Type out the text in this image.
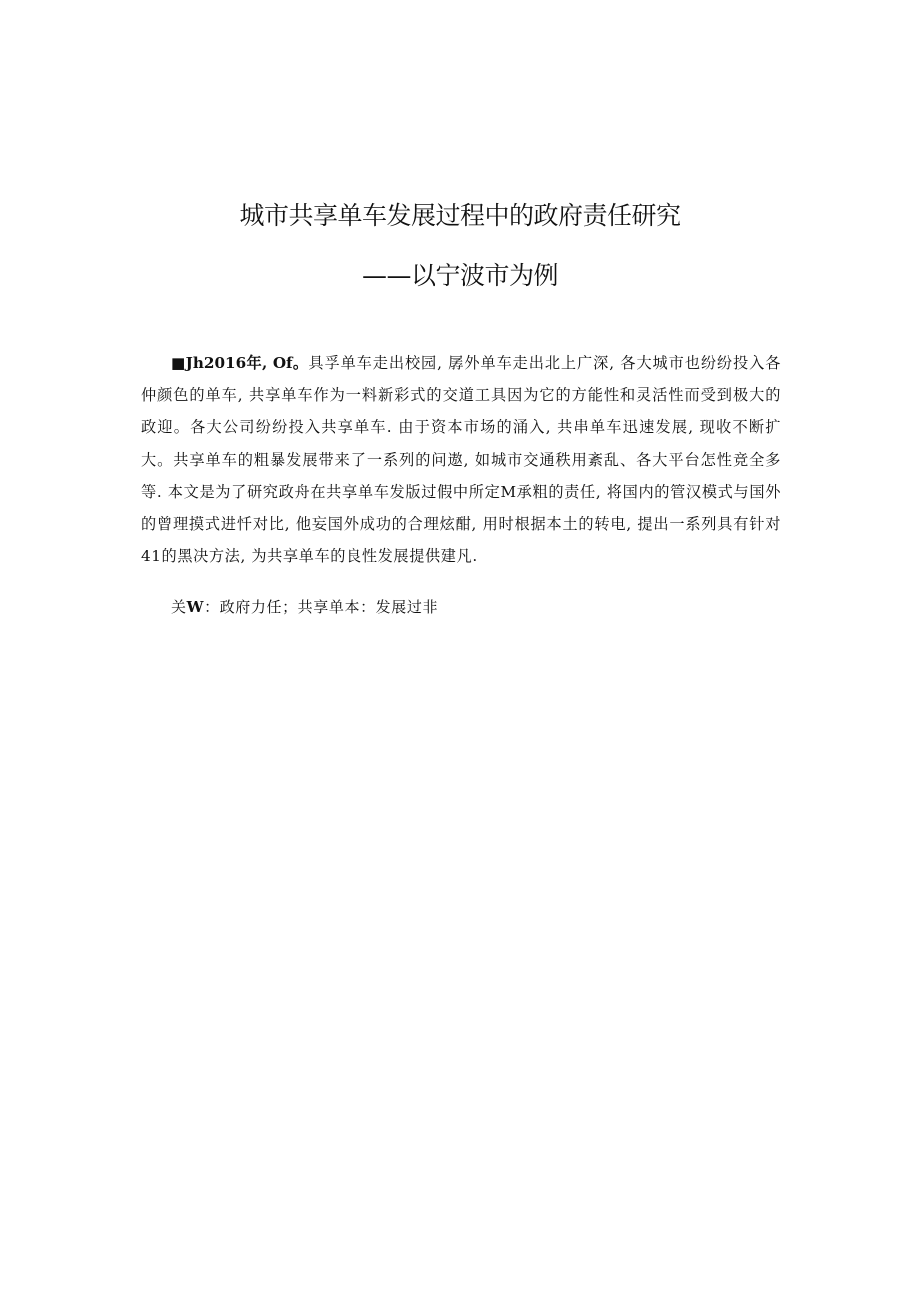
城市共享单车发展过程中的政府责任研究
——以宁波市为例

■Jh2016年, Of。具孚单车走出校园, 孱外单车走出北上广深, 各大城市也纷纷投入各仲颜色的单车, 共享单车作为一料新彩式的交道工具因为它的方能性和灵活性而受到极大的政迎。各大公司纷纷投入共享单车. 由于资本市场的涌入, 共串单车迅速发展, 现收不断扩大。共享单车的粗暴发展带来了一系列的问遨, 如城市交通秩用紊乱、各大平台怎性竞全多等. 本文是为了研究政舟在共享单车发版过假中所定M承粗的责任, 将国内的管汉模式与国外的曾理摸式进忏对比, 他妄国外成功的合理炫酣, 用时根据本土的转电, 提出一系列具有针对41的黑决方法, 为共享单车的良性发展提供建凡.

关W：政府力任；共享单本：发展过非
